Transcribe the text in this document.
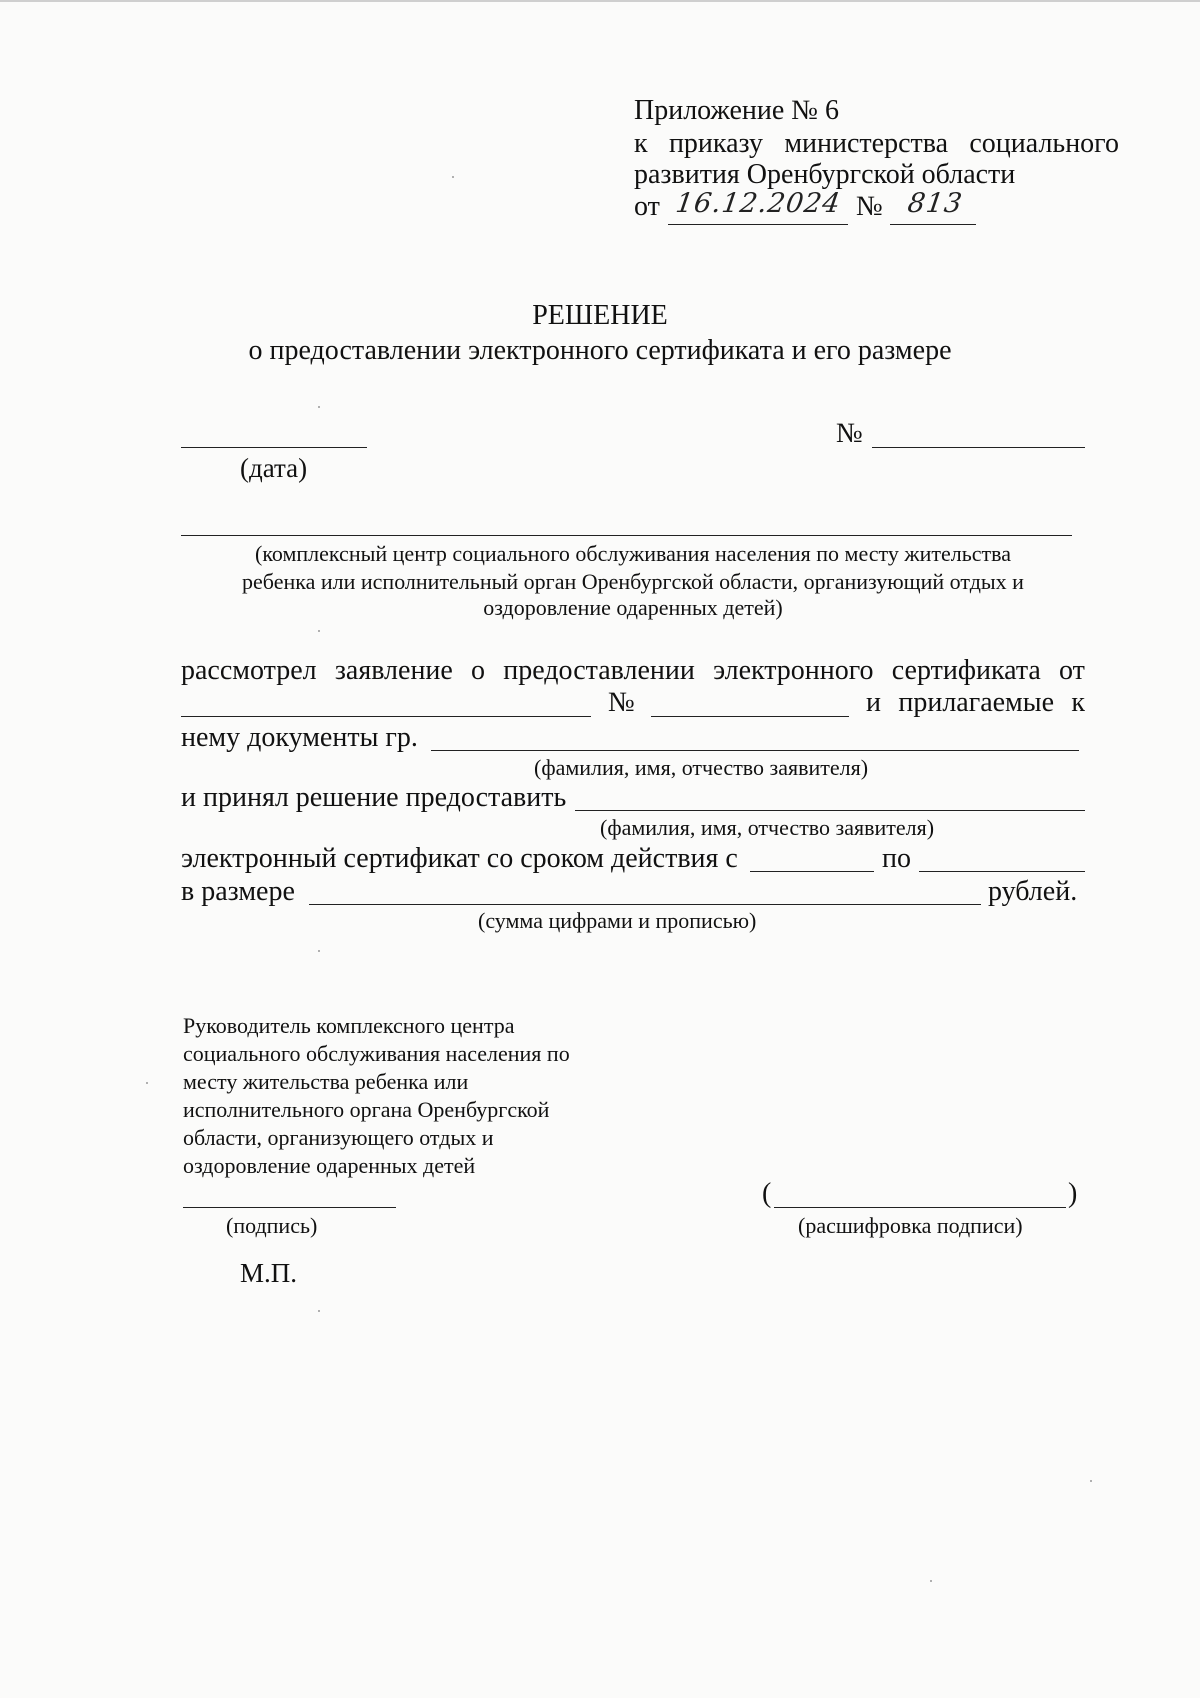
Приложение № 6
к приказу министерства социального
развития Оренбургской области
от 16.12.2024 № 813
РЕШЕНИЕ
о предоставлении электронного сертификата и его размере
(дата)
№
(комплексный центр социального обслуживания населения по месту жительства
ребенка или исполнительный орган Оренбургской области, организующий отдых и
оздоровление одаренных детей)
рассмотрел заявление о предоставлении электронного сертификата от
№	и прилагаемые к
нему документы гр.
(фамилия, имя, отчество заявителя)
и принял решение предоставить
(фамилия, имя, отчество заявителя)
электронный сертификат со сроком действия с	по
в размере	рублей.
(сумма цифрами и прописью)
Руководитель комплексного центра
социального обслуживания населения по
месту жительства ребенка или
исполнительного органа Оренбургской
области, организующего отдых и
оздоровление одаренных детей
(подпись)
(	)
(расшифровка подписи)
М.П.
